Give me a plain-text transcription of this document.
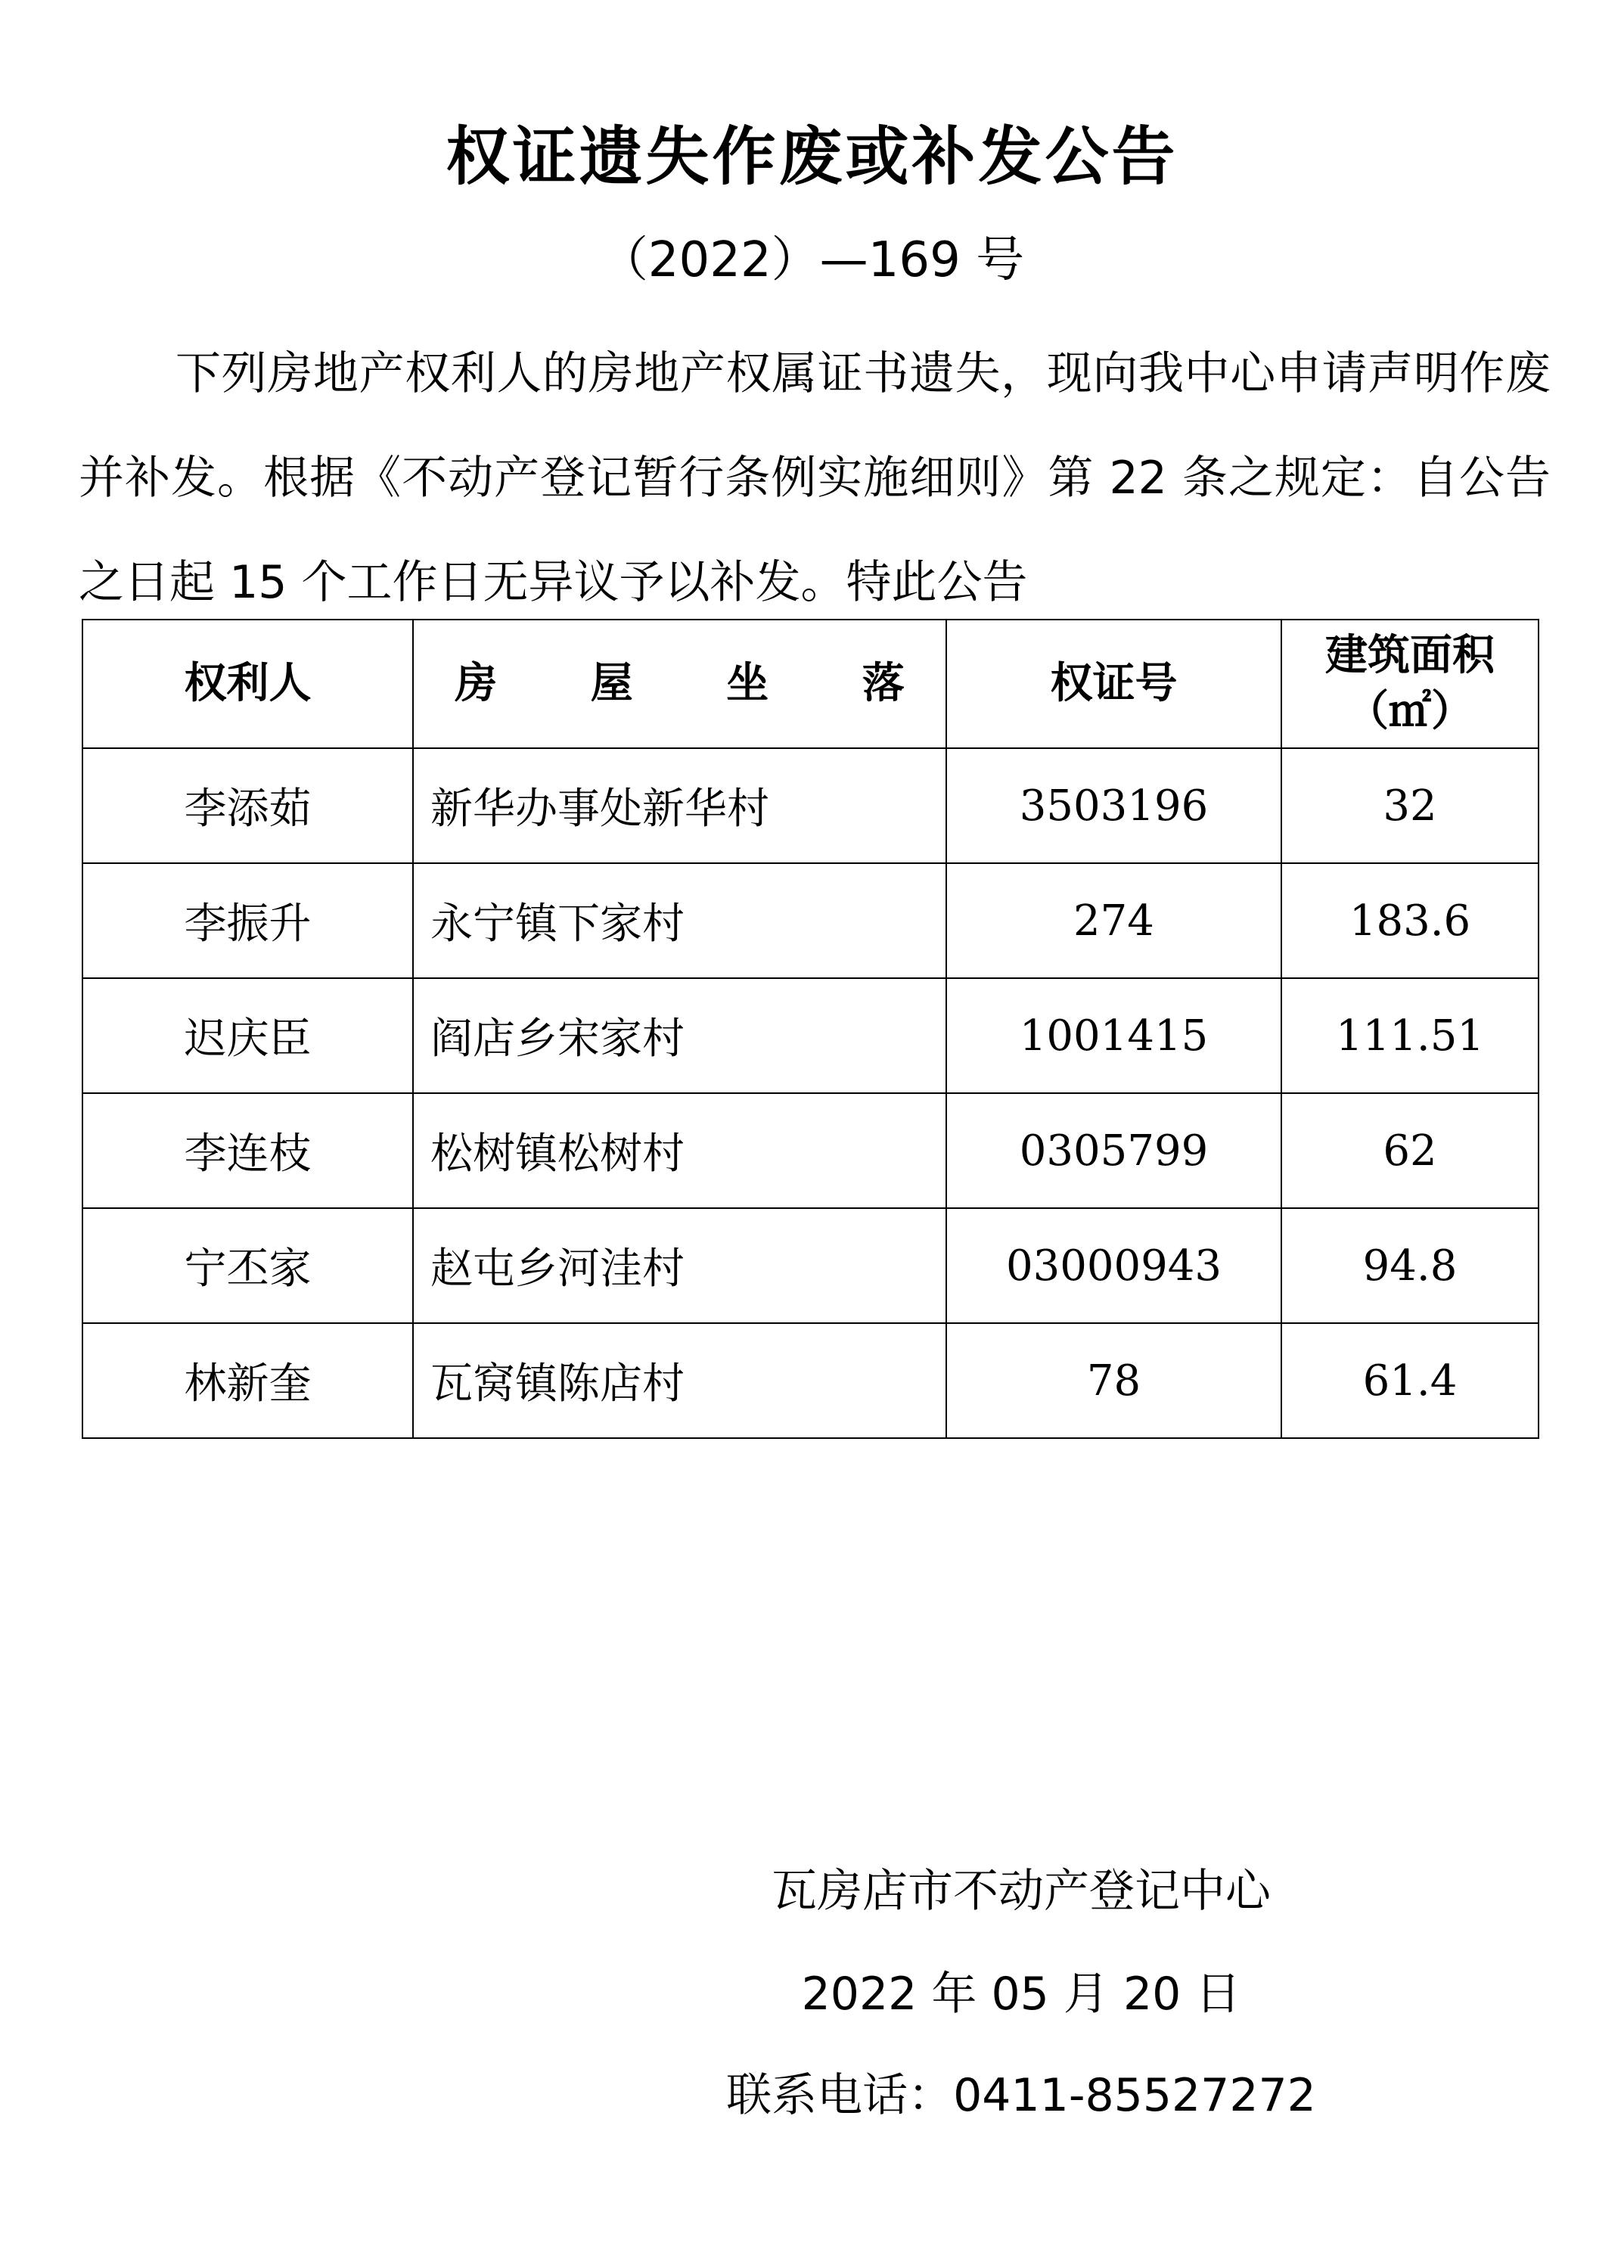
权证遗失作废或补发公告
（2022）—169 号

下列房地产权利人的房地产权属证书遗失，现向我中心申请声明作废并补发。根据《不动产登记暂行条例实施细则》第 22 条之规定：自公告之日起 15 个工作日无异议予以补发。特此公告

权利人	房 屋 坐 落	权证号	建筑面积
（㎡）

李添茹	新华办事处新华村	3503196	32
李振升	永宁镇下家村	274	183.6
迟庆臣	阎店乡宋家村	1001415	111.51
李连枝	松树镇松树村	0305799	62
宁丕家	赵屯乡河洼村	03000943	94.8
林新奎	瓦窝镇陈店村	78	61.4
瓦房店市不动产登记中心
2022 年 05 月 20 日
联系电话：0411-85527272
